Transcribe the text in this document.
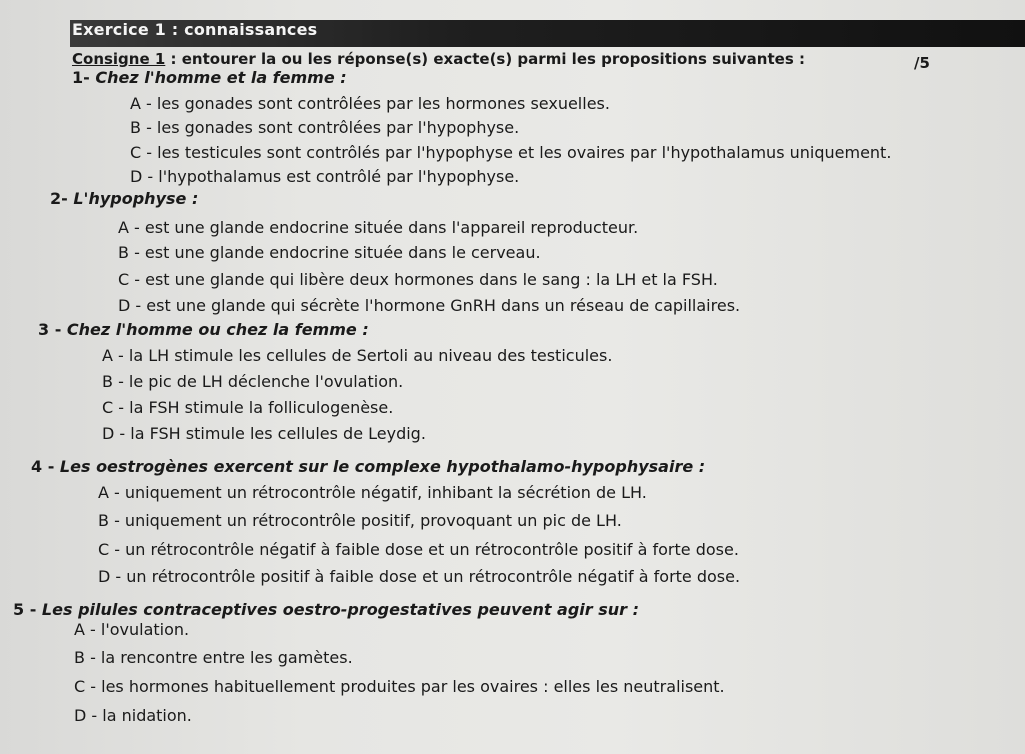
Exercice 1 : connaissances
Consigne 1 : entourer la ou les réponse(s) exacte(s) parmi les propositions suivantes :	/5
1- Chez l'homme et la femme :
A - les gonades sont contrôlées par les hormones sexuelles.
B - les gonades sont contrôlées par l'hypophyse.
C - les testicules sont contrôlés par l'hypophyse et les ovaires par l'hypothalamus uniquement.
D - l'hypothalamus est contrôlé par l'hypophyse.
2- L'hypophyse :
A - est une glande endocrine située dans l'appareil reproducteur.
B - est une glande endocrine située dans le cerveau.
C - est une glande qui libère deux hormones dans le sang : la LH et la FSH.
D - est une glande qui sécrète l'hormone GnRH dans un réseau de capillaires.
3 - Chez l'homme ou chez la femme :
A - la LH stimule les cellules de Sertoli au niveau des testicules.
B - le pic de LH déclenche l'ovulation.
C - la FSH stimule la folliculogenèse.
D - la FSH stimule les cellules de Leydig.
4 - Les oestrogènes exercent sur le complexe hypothalamo-hypophysaire :
A - uniquement un rétrocontrôle négatif, inhibant la sécrétion de LH.
B - uniquement un rétrocontrôle positif, provoquant un pic de LH.
C - un rétrocontrôle négatif à faible dose et un rétrocontrôle positif à forte dose.
D - un rétrocontrôle positif à faible dose et un rétrocontrôle négatif à forte dose.
5 - Les pilules contraceptives oestro-progestatives peuvent agir sur :
A - l'ovulation.
B - la rencontre entre les gamètes.
C - les hormones habituellement produites par les ovaires : elles les neutralisent.
D - la nidation.
